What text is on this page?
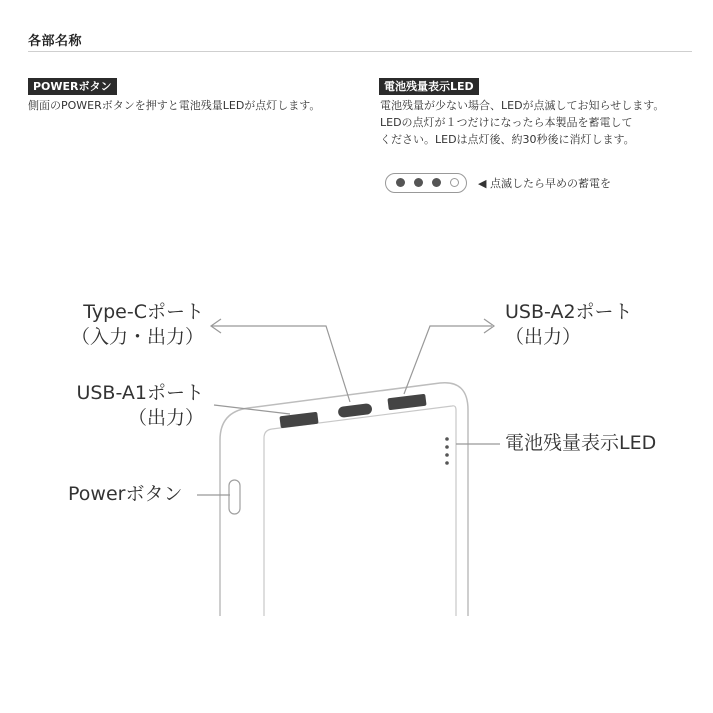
各部名称
POWERボタン
側面のPOWERボタンを押すと電池残量LEDが点灯します。
電池残量表示LED
電池残量が少ない場合、LEDが点滅してお知らせします。
LEDの点灯が１つだけになったら本製品を蓄電して
ください。LEDは点灯後、約30秒後に消灯します。
◀ 点滅したら早めの蓄電を
Type-Cポート
（入力・出力）
USB-A2ポート
（出力）
USB-A1ポート
（出力）
Powerボタン
電池残量表示LED
